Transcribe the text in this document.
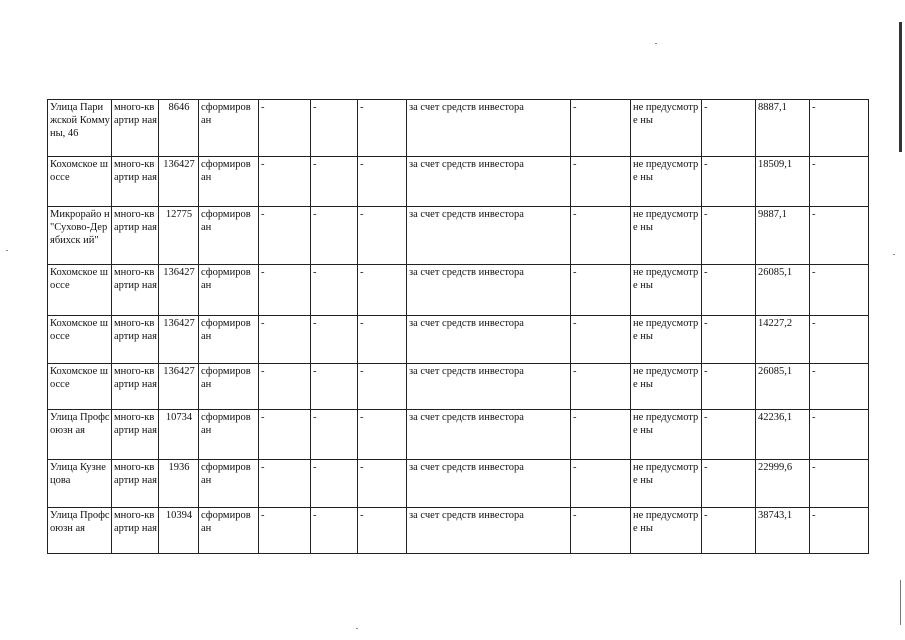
Улица Парижской Коммуны, 46	много-квартир ная	8646	сформиров ан	-	-	-	за счет средств инвестора	-	не предусмотре ны	-	8887,1	-
Кохомское шоссе	много-квартир ная	136427	сформиров ан	-	-	-	за счет средств инвестора	-	не предусмотре ны	-	18509,1	-
Микрорайо н "Сухово-Дерябихск ий"	много-квартир ная	12775	сформиров ан	-	-	-	за счет средств инвестора	-	не предусмотре ны	-	9887,1	-
Кохомское шоссе	много-квартир ная	136427	сформиров ан	-	-	-	за счет средств инвестора	-	не предусмотре ны	-	26085,1	-
Кохомское шоссе	много-квартир ная	136427	сформиров ан	-	-	-	за счет средств инвестора	-	не предусмотре ны	-	14227,2	-
Кохомское шоссе	много-квартир ная	136427	сформиров ан	-	-	-	за счет средств инвестора	-	не предусмотре ны	-	26085,1	-
Улица Профсоюзн ая	много-квартир ная	10734	сформиров ан	-	-	-	за счет средств инвестора	-	не предусмотре ны	-	42236,1	-
Улица Кузнецова	много-квартир ная	1936	сформиров ан	-	-	-	за счет средств инвестора	-	не предусмотре ны	-	22999,6	-
Улица Профсоюзн ая	много-квартир ная	10394	сформиров ан	-	-	-	за счет средств инвестора	-	не предусмотре ны	-	38743,1	-
